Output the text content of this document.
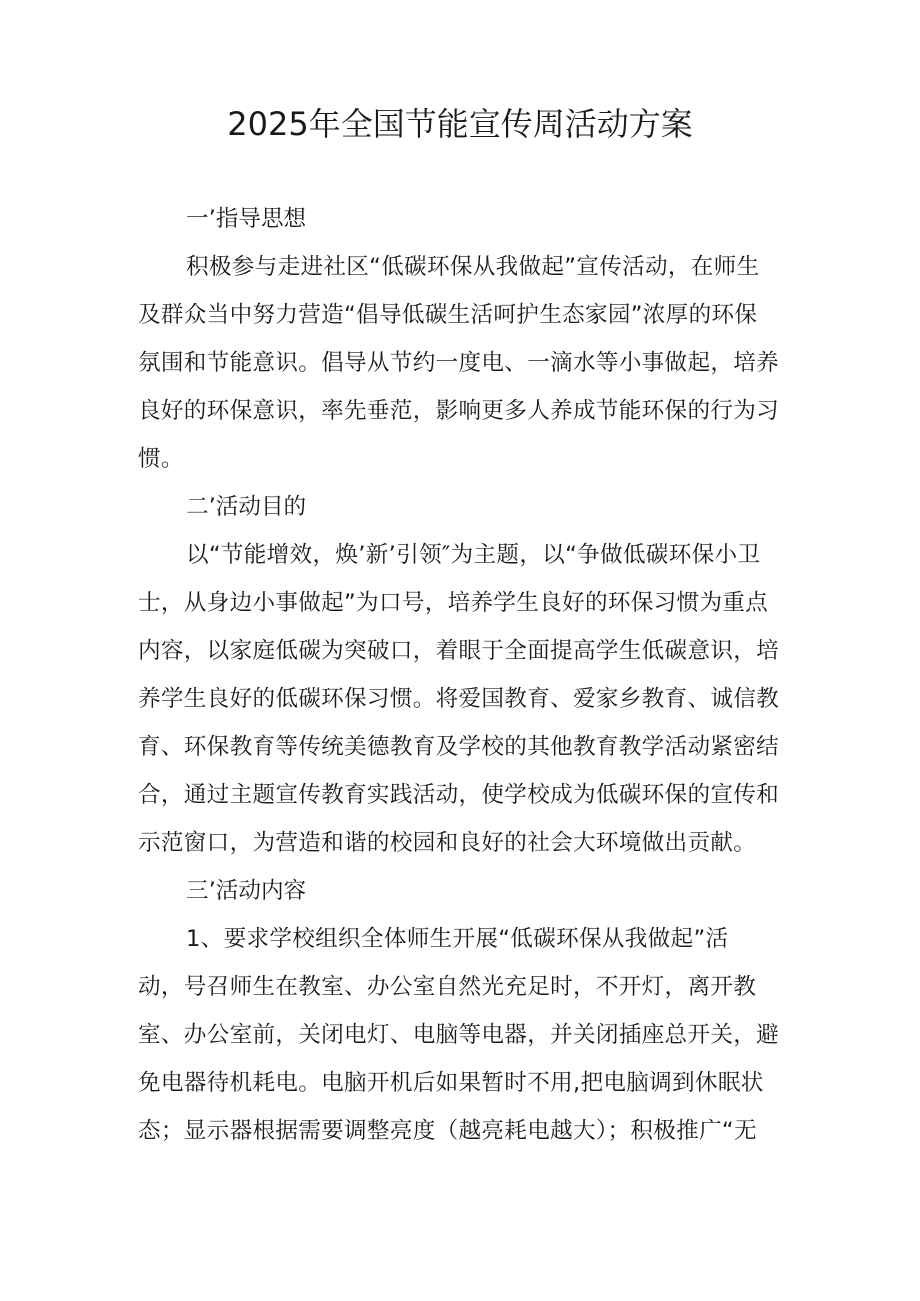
2025年全国节能宣传周活动方案
一’指导思想
积极参与走进社区“低碳环保从我做起”宣传活动，在师生
及群众当中努力营造“倡导低碳生活呵护生态家园”浓厚的环保
氛围和节能意识。倡导从节约一度电、一滴水等小事做起，培养
良好的环保意识，率先垂范，影响更多人养成节能环保的行为习
惯。
二’活动目的
以“节能增效，焕’新’引领″为主题，以“争做低碳环保小卫
士，从身边小事做起”为口号，培养学生良好的环保习惯为重点
内容，以家庭低碳为突破口，着眼于全面提高学生低碳意识，培
养学生良好的低碳环保习惯。将爱国教育、爱家乡教育、诚信教
育、环保教育等传统美德教育及学校的其他教育教学活动紧密结
合，通过主题宣传教育实践活动，使学校成为低碳环保的宣传和
示范窗口，为营造和谐的校园和良好的社会大环境做出贡献。
三’活动内容
1、要求学校组织全体师生开展“低碳环保从我做起”活
动，号召师生在教室、办公室自然光充足时，不开灯，离开教
室、办公室前，关闭电灯、电脑等电器，并关闭插座总开关，避
免电器待机耗电。电脑开机后如果暂时不用,把电脑调到休眠状
态；显示器根据需要调整亮度（越亮耗电越大）；积极推广“无
